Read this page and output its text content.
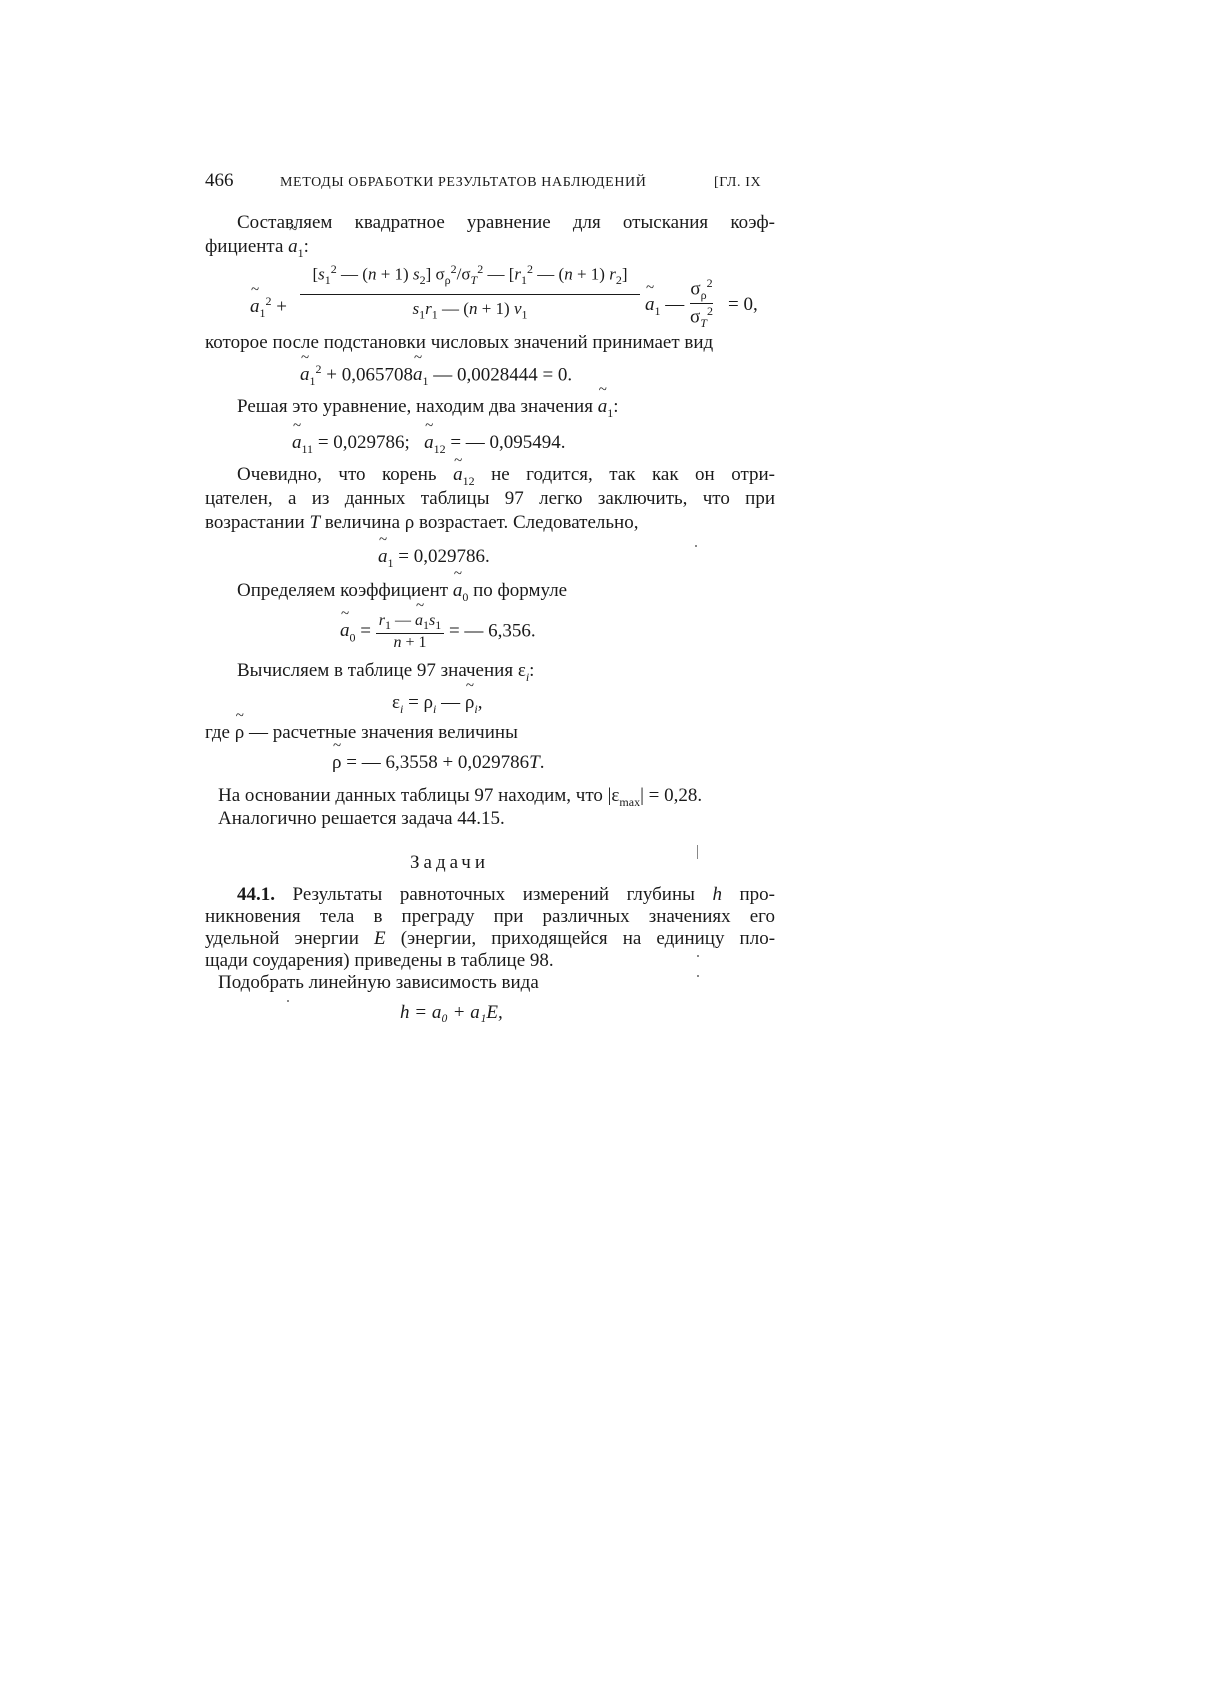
466	МЕТОДЫ ОБРАБОТКИ РЕЗУЛЬТАТОВ НАБЛЮДЕНИЙ	[ГЛ. IX
Составляем квадратное уравнение для отыскания коэф-
фициента ~ $a_1$:
~ $a_1^2$ +
[$s_1^2$ — (n + 1) $s_2$] $\sigma_\rho^2/\sigma_T^2$ — [$r_1^2$ — (n + 1) $r_2$]
$s_1r_1$ — (n + 1) $v_1$	~ $a_1$ —
$\sigma_\rho^2$
$\sigma_T^2 = 0$,
которое после подстановки числовых значений принимает вид
~ $a_1^2$ + 0,065708~ $a_1$ — 0,0028444 = 0.
Решая это уравнение, находим два значения ~ $a_1$:
~ $a_{11} = 0,029786$; ~ $a_{12}$ = — 0,095494.
Очевидно, что корень ~ $a_{12}$ не годится, так как он отри-
цателен, а из данных таблицы 97 легко заключить, что при
возрастании T величина ρ возрастает. Следовательно,
~ $a_1 = 0,029786$.
Определяем коэффициент ~ $a_0$ по формуле
~ $a_0 = \frac{r_1 — \sim a_1s_1}{n + 1}$ = — 6,356.
Вычисляем в таблице 97 значения $\varepsilon_i$:
$\varepsilon_i = \rho_i$ — ~ $\rho_i$,
где ~ ρ — расчетные значения величины
~ ρ = — 6,3558 + 0,029786T.
На основании данных таблицы 97 находим, что $|\varepsilon_{max}| = 0,28$.
Аналогично решается задача 44.15.
Задачи
44.1. Результаты равноточных измерений глубины h про-
никновения тела в преграду при различных значениях его
удельной энергии E (энергии, приходящейся на единицу пло-
щади соударения) приведены в таблице 98.
Подобрать линейную зависимость вида
h = a₀ + a₁E,
